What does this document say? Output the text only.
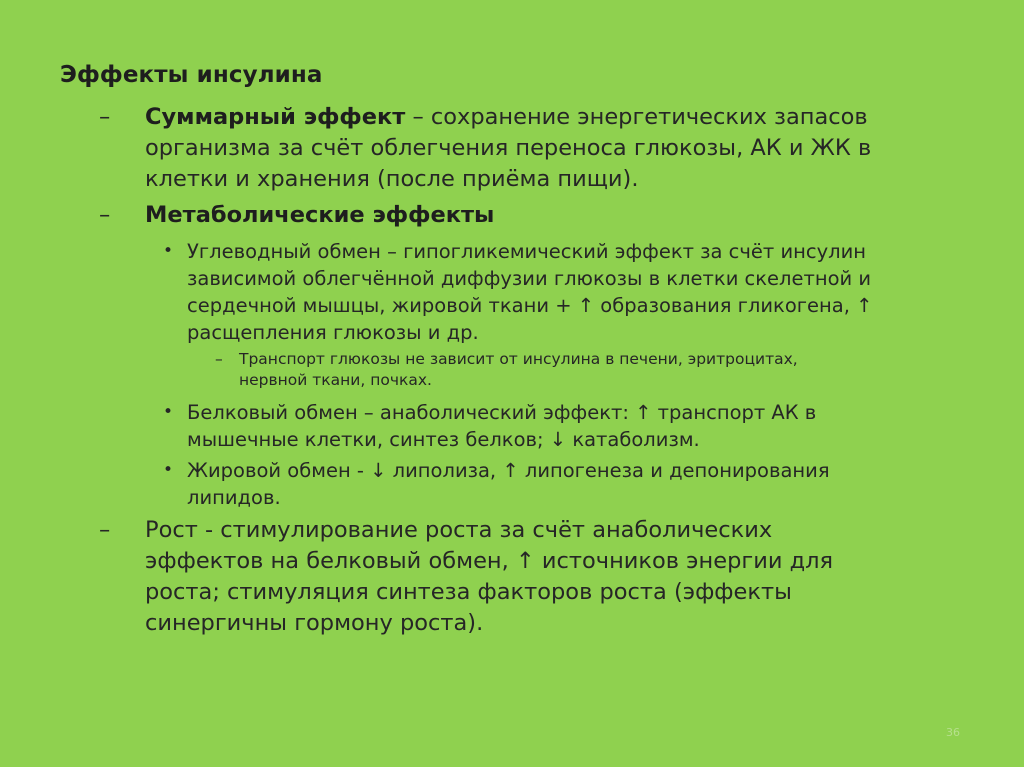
Эффекты инсулина
– Суммарный эффект – сохранение энергетических запасов
организма за счёт облегчения переноса глюкозы, АК и ЖК в
клетки и хранения (после приёма пищи).
– Метаболические эффекты
• Углеводный обмен – гипогликемический эффект за счёт инсулин
зависимой облегчённой диффузии глюкозы в клетки скелетной и
сердечной мышцы, жировой ткани + ↑ образования гликогена, ↑
расщепления глюкозы и др.
– Транспорт глюкозы не зависит от инсулина в печени, эритроцитах,
нервной ткани, почках.
• Белковый обмен – анаболический эффект: ↑ транспорт АК в
мышечные клетки, синтез белков; ↓ катаболизм.
• Жировой обмен - ↓ липолиза, ↑ липогенеза и депонирования
липидов.
– Рост - стимулирование роста за счёт анаболических
эффектов на белковый обмен, ↑ источников энергии для
роста; стимуляция синтеза факторов роста (эффекты
синергичны гормону роста).
36
